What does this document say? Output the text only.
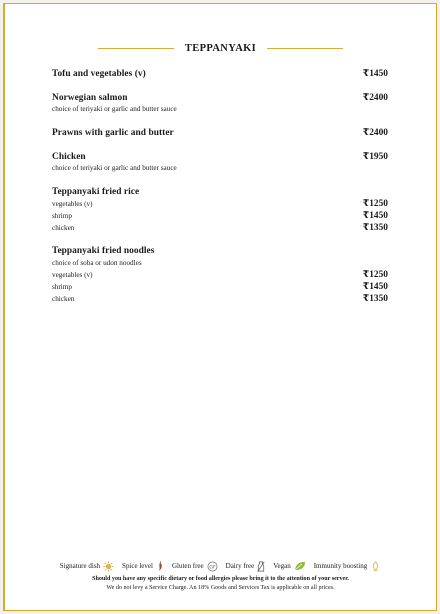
TEPPANYAKI
Tofu and vegetables (v)	₹1450
Norwegian salmon	₹2400
choice of teriyaki or garlic and butter sauce
Prawns with garlic and butter	₹2400
Chicken	₹1950
choice of teriyaki or garlic and butter sauce
Teppanyaki fried rice
vegetables (v)	₹1250
shrimp	₹1450
chicken	₹1350
Teppanyaki fried noodles
choice of soba or udon noodles
vegetables (v)	₹1250
shrimp	₹1450
chicken	₹1350
Signature dish	Spice level	Gluten free GF Dairy free	Vegan	Immunity boosting
Should you have any specific dietary or food allergies please bring it to the attention of your server.
We do not levy a Service Charge. An 18% Goods and Services Tax is applicable on all prices.
